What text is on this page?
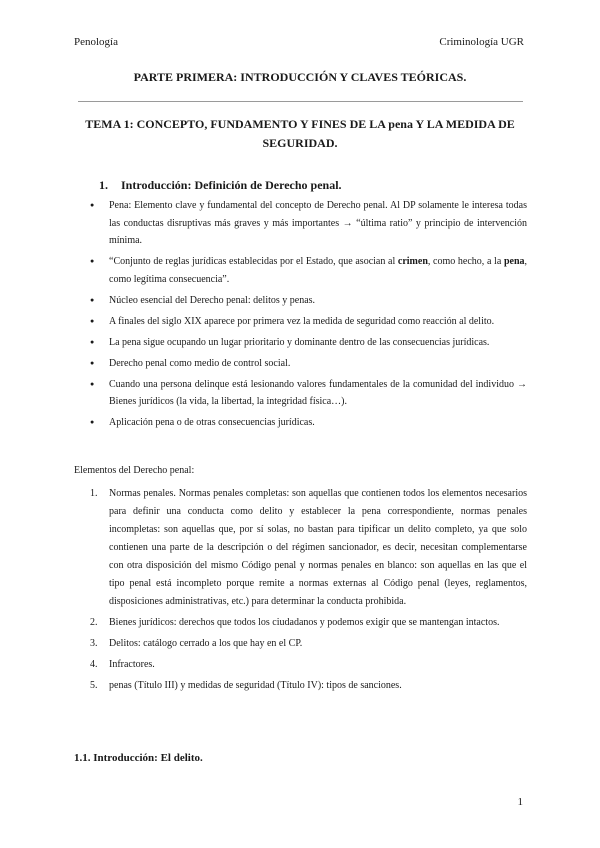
Penología	Criminología UGR
PARTE PRIMERA: INTRODUCCIÓN Y CLAVES TEÓRICAS.
TEMA 1: CONCEPTO, FUNDAMENTO Y FINES DE LA pena Y LA MEDIDA DE SEGURIDAD.
1. Introducción: Definición de Derecho penal.
● Pena: Elemento clave y fundamental del concepto de Derecho penal. Al DP solamente le interesa todas las conductas disruptivas más graves y más importantes → “última ratio” y principio de intervención mínima.
● “Conjunto de reglas jurídicas establecidas por el Estado, que asocian al crimen, como hecho, a la pena, como legítima consecuencia”.
● Núcleo esencial del Derecho penal: delitos y penas.
● A finales del siglo XIX aparece por primera vez la medida de seguridad como reacción al delito.
● La pena sigue ocupando un lugar prioritario y dominante dentro de las consecuencias jurídicas.
● Derecho penal como medio de control social.
● Cuando una persona delinque está lesionando valores fundamentales de la comunidad del individuo → Bienes jurídicos (la vida, la libertad, la integridad física…).
● Aplicación pena o de otras consecuencias jurídicas.
Elementos del Derecho penal:
1. Normas penales. Normas penales completas: son aquellas que contienen todos los elementos necesarios para definir una conducta como delito y establecer la pena correspondiente, normas penales incompletas: son aquellas que, por sí solas, no bastan para tipificar un delito completo, ya que solo contienen una parte de la descripción o del régimen sancionador, es decir, necesitan complementarse con otra disposición del mismo Código penal y normas penales en blanco: son aquellas en las que el tipo penal está incompleto porque remite a normas externas al Código penal (leyes, reglamentos, disposiciones administrativas, etc.) para determinar la conducta prohibida.
2. Bienes jurídicos: derechos que todos los ciudadanos y podemos exigir que se mantengan intactos.
3. Delitos: catálogo cerrado a los que hay en el CP.
4. Infractores.
5. penas (Título III) y medidas de seguridad (Título IV): tipos de sanciones.
1.1. Introducción: El delito.
1
